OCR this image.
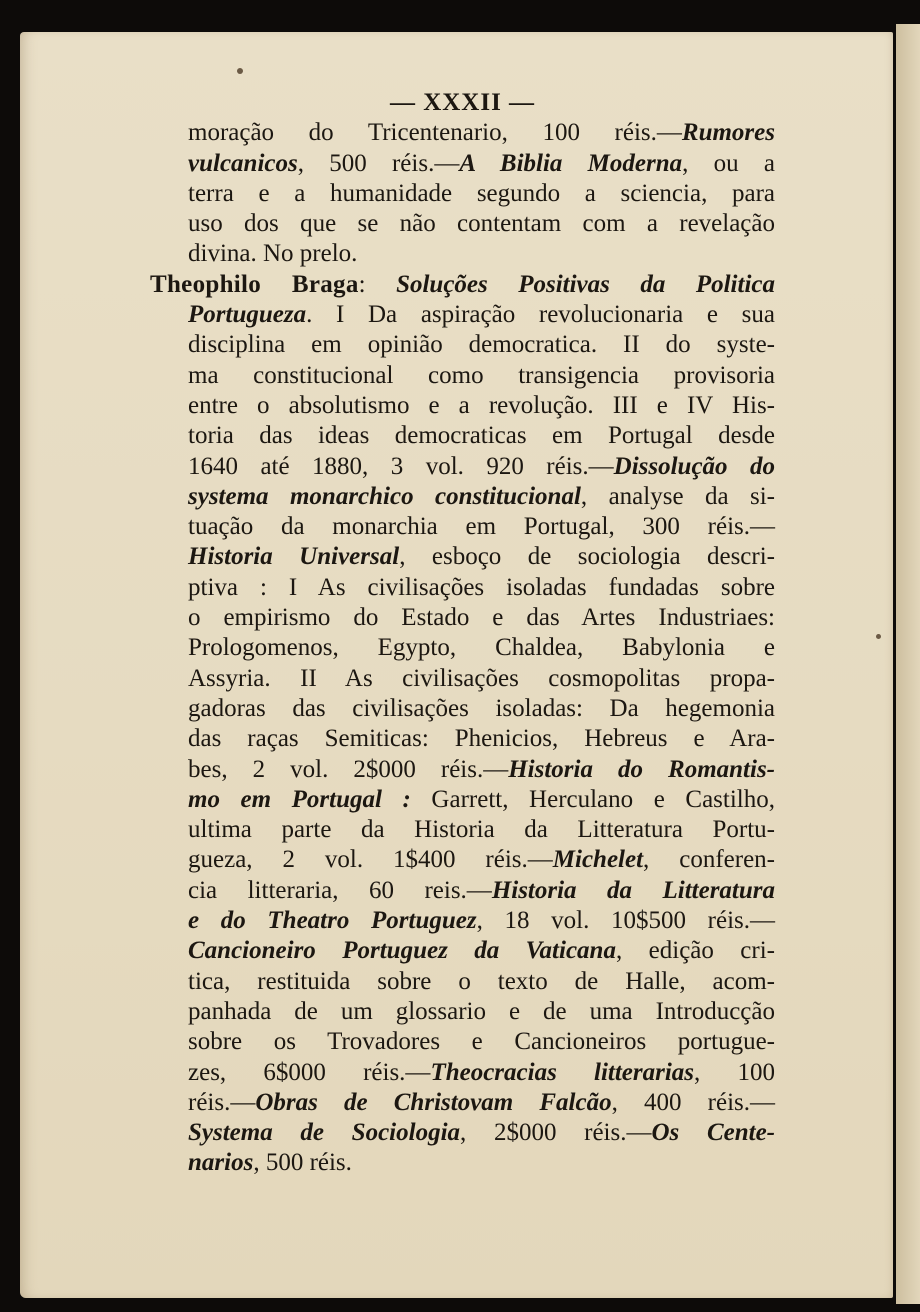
— XXXII —
moração do Tricentenario, 100 réis.—Rumores
vulcanicos, 500 réis.—A Biblia Moderna, ou a
terra e a humanidade segundo a sciencia, para
uso dos que se não contentam com a revelação
divina. No prelo.
Theophilo Braga: Soluções Positivas da Politica
Portugueza. I Da aspiração revolucionaria e sua
disciplina em opinião democratica. II do syste-
ma constitucional como transigencia provisoria
entre o absolutismo e a revolução. III e IV His-
toria das ideas democraticas em Portugal desde
1640 até 1880, 3 vol. 920 réis.—Dissolução do
systema monarchico constitucional, analyse da si-
tuação da monarchia em Portugal, 300 réis.—
Historia Universal, esboço de sociologia descri-
ptiva : I As civilisações isoladas fundadas sobre
o empirismo do Estado e das Artes Industriaes:
Prologomenos, Egypto, Chaldea, Babylonia e
Assyria. II As civilisações cosmopolitas propa-
gadoras das civilisações isoladas: Da hegemonia
das raças Semiticas: Phenicios, Hebreus e Ara-
bes, 2 vol. 2$000 réis.—Historia do Romantis-
mo em Portugal : Garrett, Herculano e Castilho,
ultima parte da Historia da Litteratura Portu-
gueza, 2 vol. 1$400 réis.—Michelet, conferen-
cia litteraria, 60 reis.—Historia da Litteratura
e do Theatro Portuguez, 18 vol. 10$500 réis.—
Cancioneiro Portuguez da Vaticana, edição cri-
tica, restituida sobre o texto de Halle, acom-
panhada de um glossario e de uma Introducção
sobre os Trovadores e Cancioneiros portugue-
zes, 6$000 réis.—Theocracias litterarias, 100
réis.—Obras de Christovam Falcão, 400 réis.—
Systema de Sociologia, 2$000 réis.—Os Cente-
narios, 500 réis.
